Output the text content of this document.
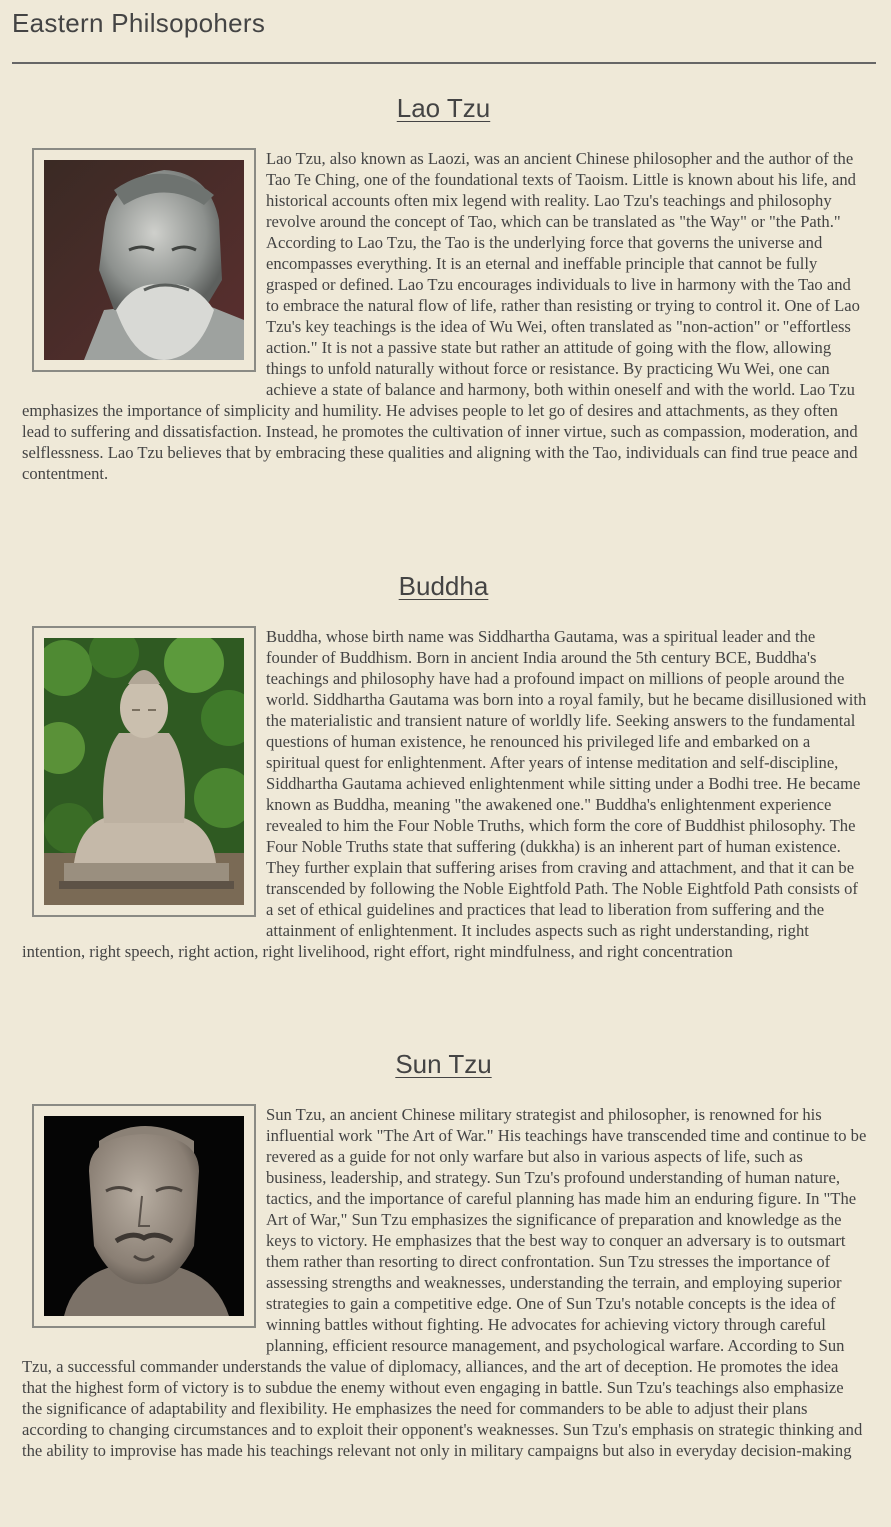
Eastern Philsopohers
Lao Tzu

Lao Tzu, also known as Laozi, was an ancient Chinese philosopher and the author of the Tao Te Ching, one of the foundational texts of Taoism. Little is known about his life, and historical accounts often mix legend with reality. Lao Tzu's teachings and philosophy revolve around the concept of Tao, which can be translated as "the Way" or "the Path." According to Lao Tzu, the Tao is the underlying force that governs the universe and encompasses everything. It is an eternal and ineffable principle that cannot be fully grasped or defined. Lao Tzu encourages individuals to live in harmony with the Tao and to embrace the natural flow of life, rather than resisting or trying to control it. One of Lao Tzu's key teachings is the idea of Wu Wei, often translated as "non-action" or "effortless action." It is not a passive state but rather an attitude of going with the flow, allowing things to unfold naturally without force or resistance. By practicing Wu Wei, one can achieve a state of balance and harmony, both within oneself and with the world. Lao Tzu emphasizes the importance of simplicity and humility. He advises people to let go of desires and attachments, as they often lead to suffering and dissatisfaction. Instead, he promotes the cultivation of inner virtue, such as compassion, moderation, and selflessness. Lao Tzu believes that by embracing these qualities and aligning with the Tao, individuals can find true peace and contentment.

Buddha

Buddha, whose birth name was Siddhartha Gautama, was a spiritual leader and the founder of Buddhism. Born in ancient India around the 5th century BCE, Buddha's teachings and philosophy have had a profound impact on millions of people around the world. Siddhartha Gautama was born into a royal family, but he became disillusioned with the materialistic and transient nature of worldly life. Seeking answers to the fundamental questions of human existence, he renounced his privileged life and embarked on a spiritual quest for enlightenment. After years of intense meditation and self-discipline, Siddhartha Gautama achieved enlightenment while sitting under a Bodhi tree. He became known as Buddha, meaning "the awakened one." Buddha's enlightenment experience revealed to him the Four Noble Truths, which form the core of Buddhist philosophy. The Four Noble Truths state that suffering (dukkha) is an inherent part of human existence. They further explain that suffering arises from craving and attachment, and that it can be transcended by following the Noble Eightfold Path. The Noble Eightfold Path consists of a set of ethical guidelines and practices that lead to liberation from suffering and the attainment of enlightenment. It includes aspects such as right understanding, right intention, right speech, right action, right livelihood, right effort, right mindfulness, and right concentration

Sun Tzu

Sun Tzu, an ancient Chinese military strategist and philosopher, is renowned for his influential work "The Art of War." His teachings have transcended time and continue to be revered as a guide for not only warfare but also in various aspects of life, such as business, leadership, and strategy. Sun Tzu's profound understanding of human nature, tactics, and the importance of careful planning has made him an enduring figure. In "The Art of War," Sun Tzu emphasizes the significance of preparation and knowledge as the keys to victory. He emphasizes that the best way to conquer an adversary is to outsmart them rather than resorting to direct confrontation. Sun Tzu stresses the importance of assessing strengths and weaknesses, understanding the terrain, and employing superior strategies to gain a competitive edge. One of Sun Tzu's notable concepts is the idea of winning battles without fighting. He advocates for achieving victory through careful planning, efficient resource management, and psychological warfare. According to Sun Tzu, a successful commander understands the value of diplomacy, alliances, and the art of deception. He promotes the idea that the highest form of victory is to subdue the enemy without even engaging in battle. Sun Tzu's teachings also emphasize the significance of adaptability and flexibility. He emphasizes the need for commanders to be able to adjust their plans according to changing circumstances and to exploit their opponent's weaknesses. Sun Tzu's emphasis on strategic thinking and the ability to improvise has made his teachings relevant not only in military campaigns but also in everyday decision-making
